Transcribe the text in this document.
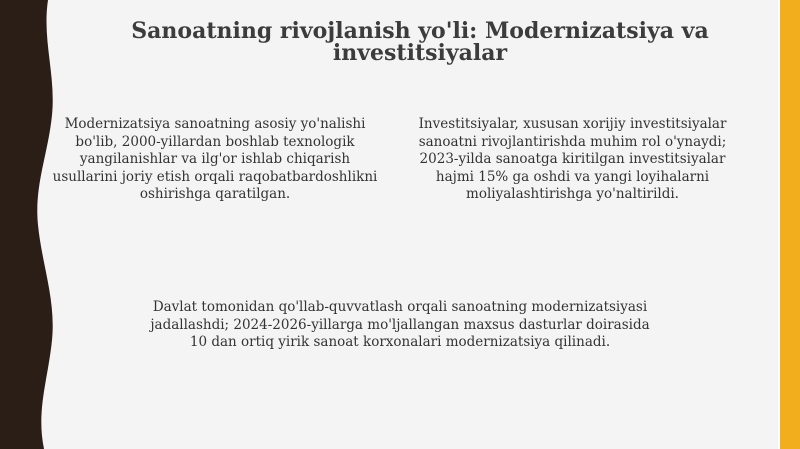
Sanoatning rivojlanish yo'li: Modernizatsiya va investitsiyalar

Modernizatsiya sanoatning asosiy yo'nalishi bo'lib, 2000-yillardan boshlab texnologik yangilanishlar va ilg'or ishlab chiqarish usullarini joriy etish orqali raqobatbardoshlikni oshirishga qaratilgan.

Investitsiyalar, xususan xorijiy investitsiyalar sanoatni rivojlantirishda muhim rol o'ynaydi; 2023-yilda sanoatga kiritilgan investitsiyalar hajmi 15% ga oshdi va yangi loyihalarni moliyalashtirishga yo'naltirildi.

Davlat tomonidan qo'llab-quvvatlash orqali sanoatning modernizatsiyasi jadallashdi; 2024-2026-yillarga mo'ljallangan maxsus dasturlar doirasida 10 dan ortiq yirik sanoat korxonalari modernizatsiya qilinadi.
